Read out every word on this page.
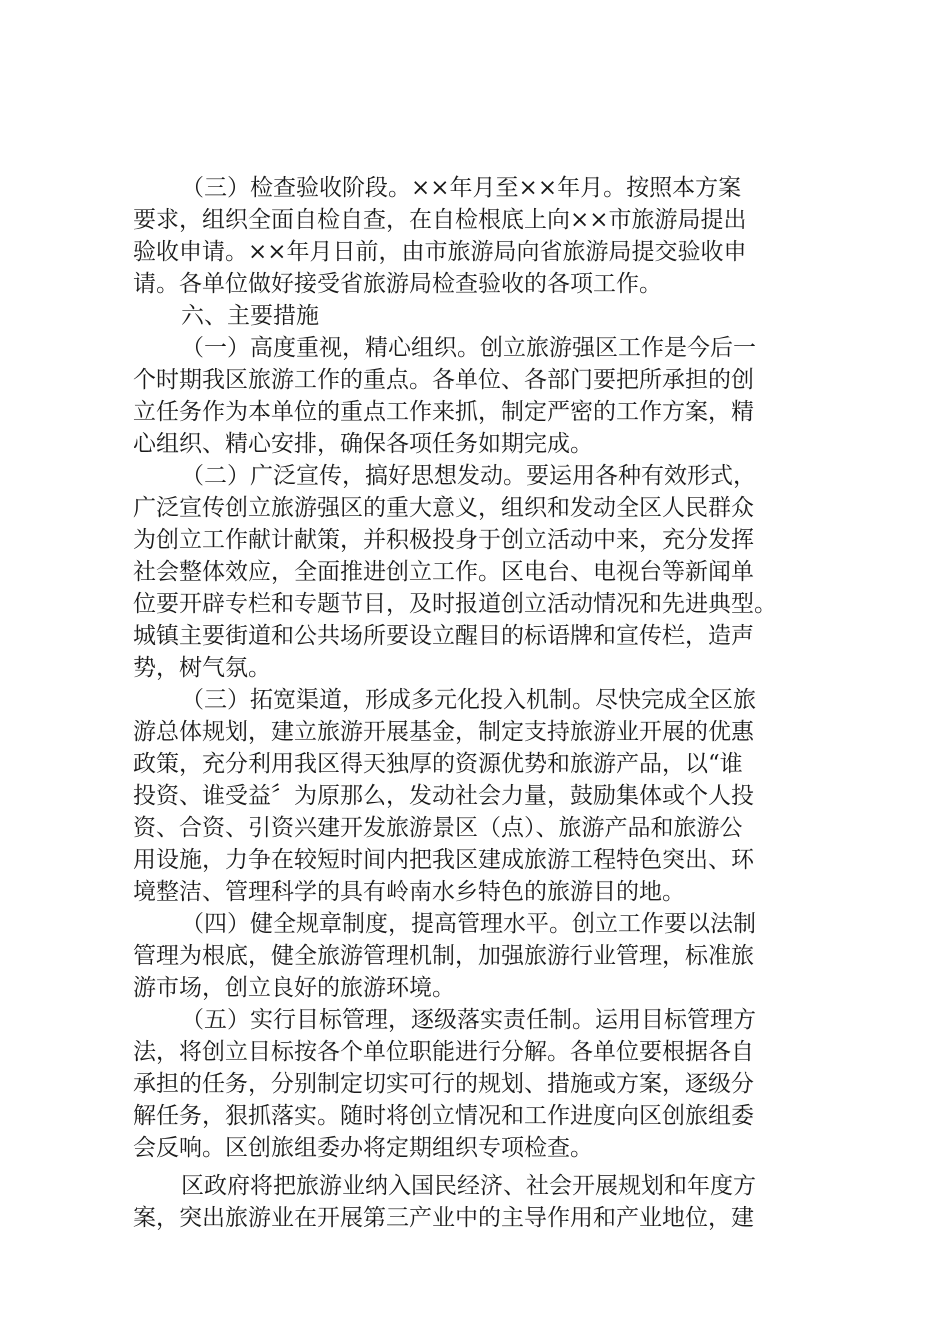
（三）检查验收阶段。××年月至××年月。按照本方案
要求，组织全面自检自查，在自检根底上向××市旅游局提出
验收申请。××年月日前，由市旅游局向省旅游局提交验收申
请。各单位做好接受省旅游局检查验收的各项工作。
六、主要措施
（一）高度重视，精心组织。创立旅游强区工作是今后一
个时期我区旅游工作的重点。各单位、各部门要把所承担的创
立任务作为本单位的重点工作来抓，制定严密的工作方案，精
心组织、精心安排，确保各项任务如期完成。
（二）广泛宣传，搞好思想发动。要运用各种有效形式，
广泛宣传创立旅游强区的重大意义，组织和发动全区人民群众
为创立工作献计献策，并积极投身于创立活动中来，充分发挥
社会整体效应，全面推进创立工作。区电台、电视台等新闻单
位要开辟专栏和专题节目，及时报道创立活动情况和先进典型。
城镇主要街道和公共场所要设立醒目的标语牌和宣传栏，造声
势，树气氛。
（三）拓宽渠道，形成多元化投入机制。尽快完成全区旅
游总体规划，建立旅游开展基金，制定支持旅游业开展的优惠
政策，充分利用我区得天独厚的资源优势和旅游产品，以“谁
投资、谁受益〞为原那么，发动社会力量，鼓励集体或个人投
资、合资、引资兴建开发旅游景区（点）、旅游产品和旅游公
用设施，力争在较短时间内把我区建成旅游工程特色突出、环
境整洁、管理科学的具有岭南水乡特色的旅游目的地。
（四）健全规章制度，提高管理水平。创立工作要以法制
管理为根底，健全旅游管理机制，加强旅游行业管理，标准旅
游市场，创立良好的旅游环境。
（五）实行目标管理，逐级落实责任制。运用目标管理方
法，将创立目标按各个单位职能进行分解。各单位要根据各自
承担的任务，分别制定切实可行的规划、措施或方案，逐级分
解任务，狠抓落实。随时将创立情况和工作进度向区创旅组委
会反响。区创旅组委办将定期组织专项检查。
区政府将把旅游业纳入国民经济、社会开展规划和年度方
案，突出旅游业在开展第三产业中的主导作用和产业地位，建
